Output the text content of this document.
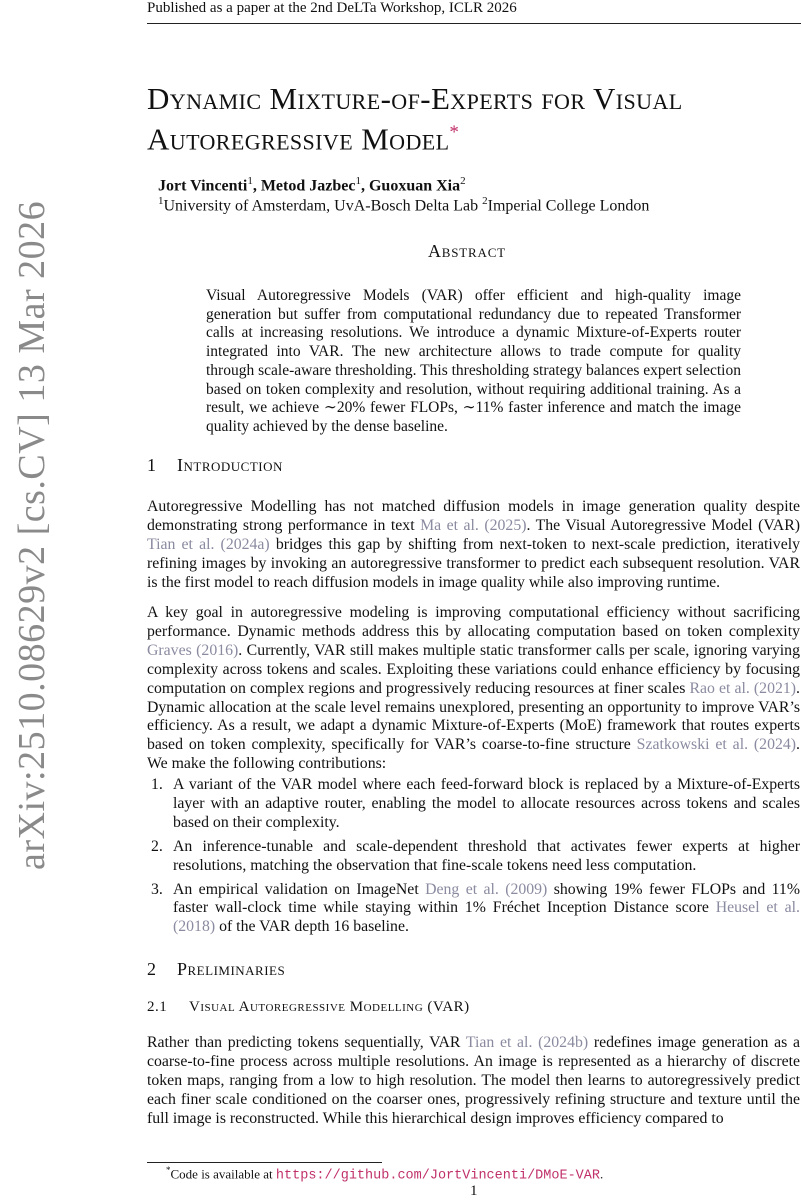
Published as a paper at the 2nd DeLTa Workshop, ICLR 2026
arXiv:2510.08629v2 [cs.CV] 13 Mar 2026
Dynamic Mixture-of-Experts for Visual Autoregressive Model*
Jort Vincenti$^1$, Metod Jazbec$^1$, Guoxuan Xia$^2$
$^1$University of Amsterdam, UvA-Bosch Delta Lab $^2$Imperial College London
Abstract
Visual Autoregressive Models (VAR) offer efficient and high-quality image generation but suffer from computational redundancy due to repeated Transformer calls at increasing resolutions. We introduce a dynamic Mixture-of-Experts router integrated into VAR. The new architecture allows to trade compute for quality through scale-aware thresholding. This thresholding strategy balances expert selection based on token complexity and resolution, without requiring additional training. As a result, we achieve ∼20% fewer FLOPs, ∼11% faster inference and match the image quality achieved by the dense baseline.
1 Introduction
Autoregressive Modelling has not matched diffusion models in image generation quality despite demonstrating strong performance in text Ma et al. (2025). The Visual Autoregressive Model (VAR) Tian et al. (2024a) bridges this gap by shifting from next-token to next-scale prediction, iteratively refining images by invoking an autoregressive transformer to predict each subsequent resolution. VAR is the first model to reach diffusion models in image quality while also improving runtime.
A key goal in autoregressive modeling is improving computational efficiency without sacrificing performance. Dynamic methods address this by allocating computation based on token complexity Graves (2016). Currently, VAR still makes multiple static transformer calls per scale, ignoring varying complexity across tokens and scales. Exploiting these variations could enhance efficiency by focusing computation on complex regions and progressively reducing resources at finer scales Rao et al. (2021). Dynamic allocation at the scale level remains unexplored, presenting an opportunity to improve VAR’s efficiency. As a result, we adapt a dynamic Mixture-of-Experts (MoE) framework that routes experts based on token complexity, specifically for VAR’s coarse-to-fine structure Szatkowski et al. (2024). We make the following contributions:
1. A variant of the VAR model where each feed-forward block is replaced by a Mixture-of-Experts layer with an adaptive router, enabling the model to allocate resources across tokens and scales based on their complexity.
2. An inference-tunable and scale-dependent threshold that activates fewer experts at higher resolutions, matching the observation that fine-scale tokens need less computation.
3. An empirical validation on ImageNet Deng et al. (2009) showing 19% fewer FLOPs and 11% faster wall-clock time while staying within 1% Fréchet Inception Distance score Heusel et al. (2018) of the VAR depth 16 baseline.
2 Preliminaries
2.1 Visual Autoregressive Modelling (VAR)
Rather than predicting tokens sequentially, VAR Tian et al. (2024b) redefines image generation as a coarse-to-fine process across multiple resolutions. An image is represented as a hierarchy of discrete token maps, ranging from a low to high resolution. The model then learns to autoregressively predict each finer scale conditioned on the coarser ones, progressively refining structure and texture until the full image is reconstructed. While this hierarchical design improves efficiency compared to
*Code is available at https://github.com/JortVincenti/DMoE-VAR.
1
